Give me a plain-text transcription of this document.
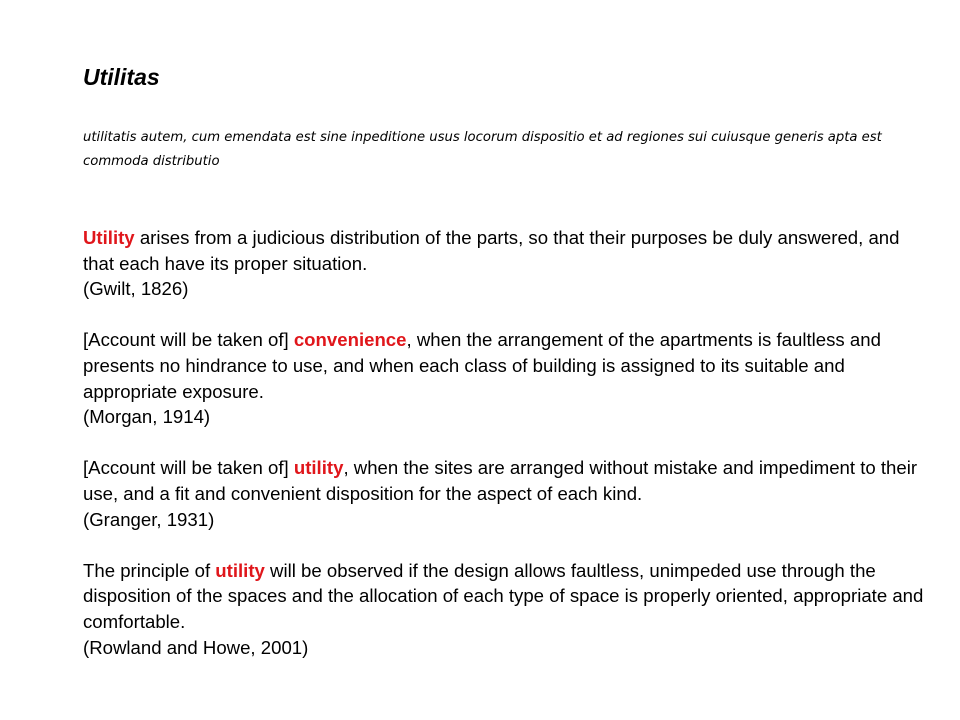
Utilitas

utilitatis autem, cum emendata est sine inpeditione usus locorum dispositio et ad regiones sui cuiusque generis apta est commoda distributio

Utility arises from a judicious distribution of the parts, so that their purposes be duly answered, and that each have its proper situation.

(Gwilt, 1826)

[Account will be taken of] convenience, when the arrangement of the apartments is faultless and presents no hindrance to use, and when each class of building is assigned to its suitable and appropriate exposure.

(Morgan, 1914)

[Account will be taken of] utility, when the sites are arranged without mistake and impediment to their use, and a fit and convenient disposition for the aspect of each kind.

(Granger, 1931)

The principle of utility will be observed if the design allows faultless, unimpeded use through the disposition of the spaces and the allocation of each type of space is properly oriented, appropriate and comfortable.

(Rowland and Howe, 2001)
